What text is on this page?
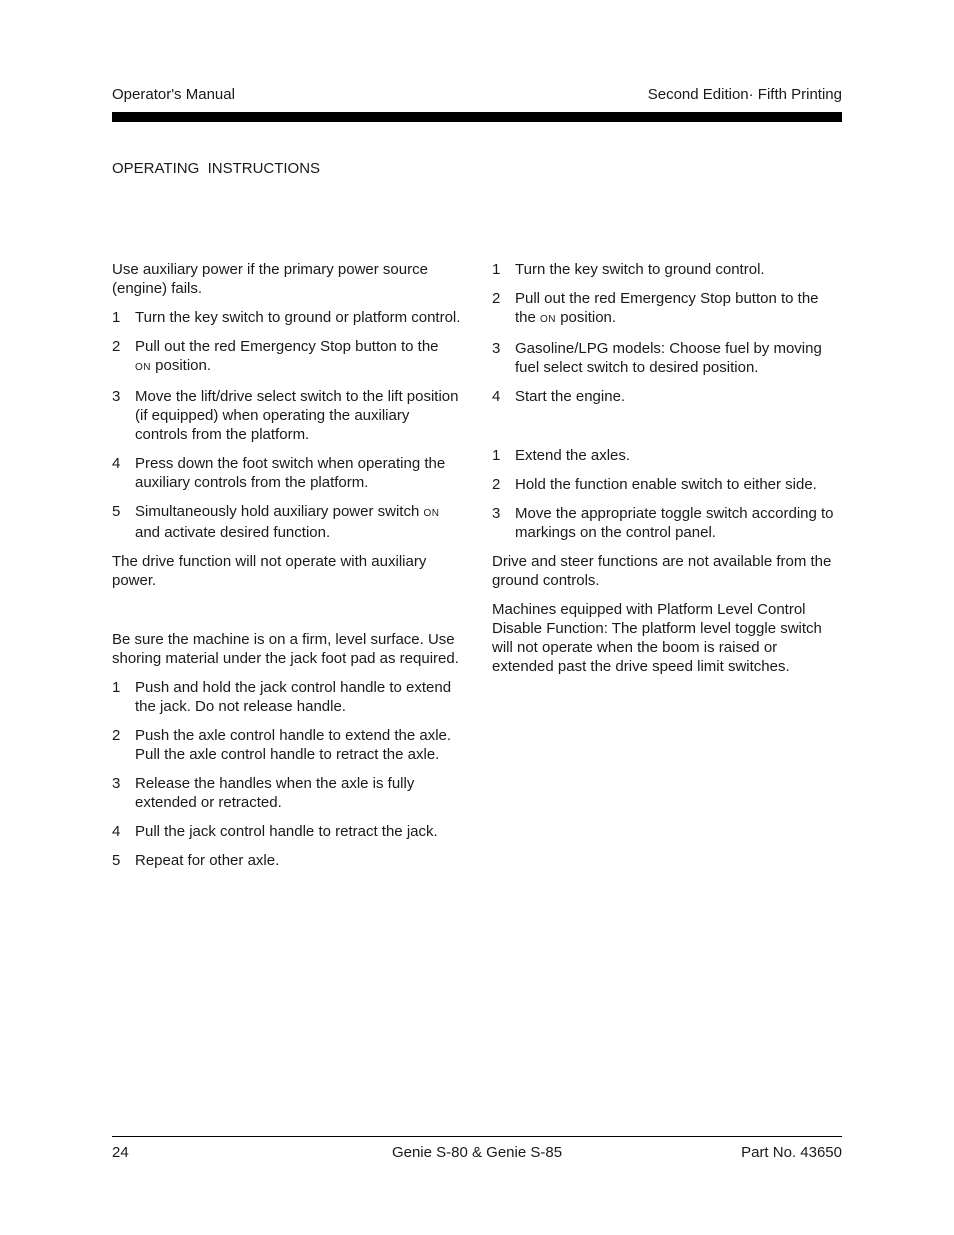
Operator's Manual	Second Edition· Fifth Printing
OPERATING  INSTRUCTIONS

Use auxiliary power if the primary power source (engine) fails.

1 Turn the key switch to ground or platform control.
2 Pull out the red Emergency Stop button to the
ON position.
3 Move the lift/drive select switch to the lift position (if equipped) when operating the auxiliary controls from the platform.
4 Press down the foot switch when operating the auxiliary controls from the platform.
5 Simultaneously hold auxiliary power switch ON and activate desired function.

The drive function will not operate with auxiliary power.

Be sure the machine is on a firm, level surface. Use shoring material under the jack foot pad as required.

1 Push and hold the jack control handle to extend the jack. Do not release handle.
2 Push the axle control handle to extend the axle. Pull the axle control handle to retract the axle.
3 Release the handles when the axle is fully extended or retracted.
4 Pull the jack control handle to retract the jack.
5 Repeat for other axle.
1 Turn the key switch to ground control.
2 Pull out the red Emergency Stop button to the
the ON position.
3 Gasoline/LPG models: Choose fuel by moving fuel select switch to desired position.
4 Start the engine.
1 Extend the axles.
2 Hold the function enable switch to either side.
3 Move the appropriate toggle switch according to markings on the control panel.

Drive and steer functions are not available from the ground controls.

Machines equipped with Platform Level Control Disable Function: The platform level toggle switch will not operate when the boom is raised or extended past the drive speed limit switches.

24	Genie S-80 & Genie S-85	Part No. 43650
